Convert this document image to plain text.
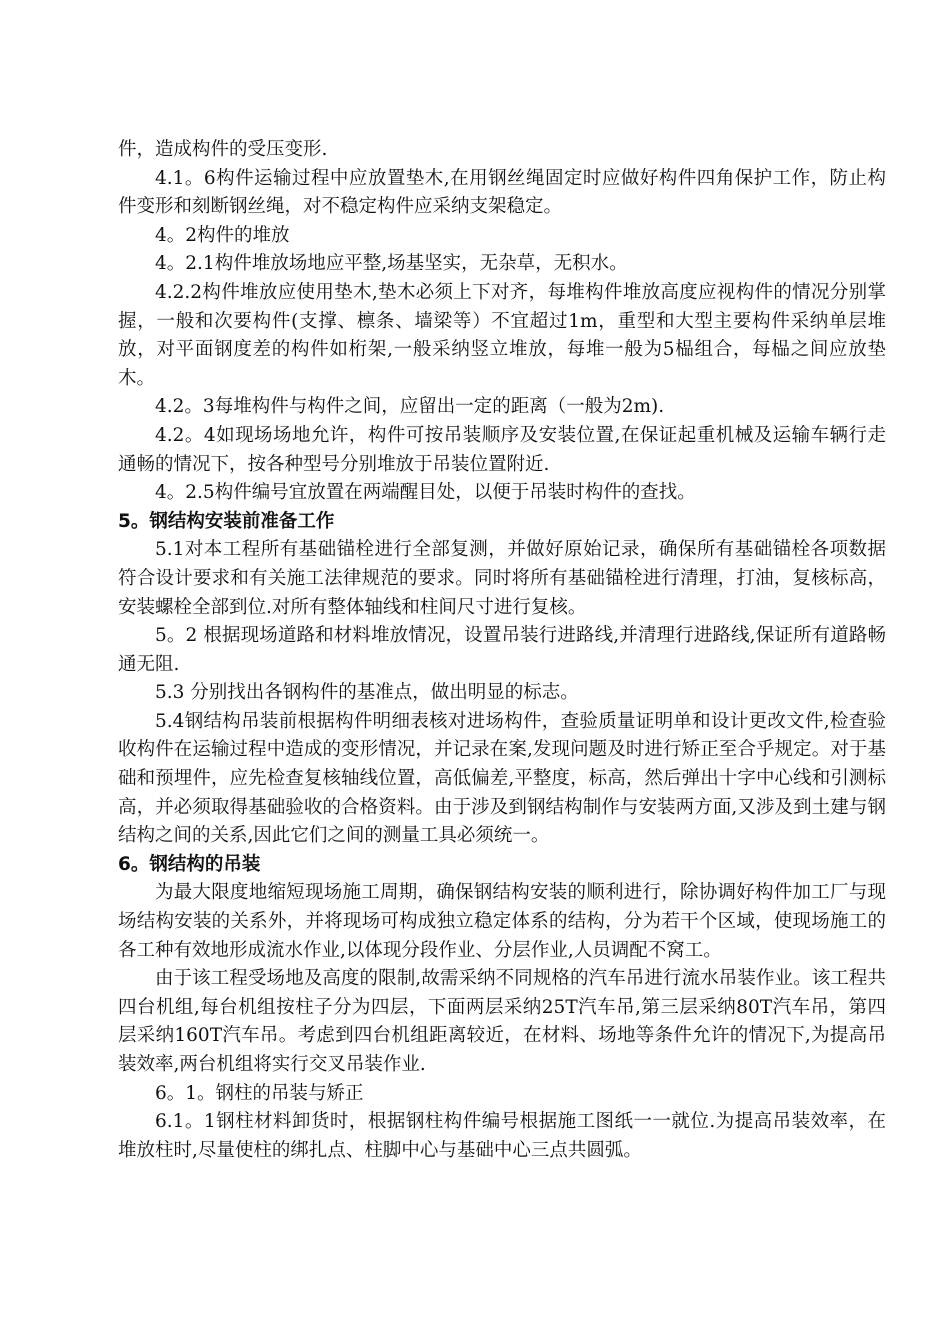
件，造成构件的受压变形.

4.1。6构件运输过程中应放置垫木,在用钢丝绳固定时应做好构件四角保护工作，防止构件变形和刻断钢丝绳，对不稳定构件应采纳支架稳定。

4。2构件的堆放

4。2.1构件堆放场地应平整,场基坚实，无杂草，无积水。

4.2.2构件堆放应使用垫木,垫木必须上下对齐，每堆构件堆放高度应视构件的情况分别掌握，一般和次要构件(支撑、檩条、墙梁等）不宜超过1m，重型和大型主要构件采纳单层堆放，对平面钢度差的构件如桁架,一般采纳竖立堆放，每堆一般为5榀组合，每榀之间应放垫木。

4.2。3每堆构件与构件之间，应留出一定的距离（一般为2m).

4.2。4如现场场地允许，构件可按吊装顺序及安装位置,在保证起重机械及运输车辆行走通畅的情况下，按各种型号分别堆放于吊装位置附近.

4。2.5构件编号宜放置在两端醒目处，以便于吊装时构件的查找。

5。钢结构安装前准备工作

5.1对本工程所有基础锚栓进行全部复测，并做好原始记录，确保所有基础锚栓各项数据符合设计要求和有关施工法律规范的要求。同时将所有基础锚栓进行清理，打油，复核标高，安装螺栓全部到位.对所有整体轴线和柱间尺寸进行复核。

5。2 根据现场道路和材料堆放情况，设置吊装行进路线,并清理行进路线,保证所有道路畅通无阻.

5.3 分别找出各钢构件的基准点，做出明显的标志。

5.4钢结构吊装前根据构件明细表核对进场构件，查验质量证明单和设计更改文件,检查验收构件在运输过程中造成的变形情况，并记录在案,发现问题及时进行矫正至合乎规定。对于基础和预埋件，应先检查复核轴线位置，高低偏差,平整度，标高，然后弹出十字中心线和引测标高，并必须取得基础验收的合格资料。由于涉及到钢结构制作与安装两方面,又涉及到土建与钢结构之间的关系,因此它们之间的测量工具必须统一。

6。钢结构的吊装

为最大限度地缩短现场施工周期，确保钢结构安装的顺利进行，除协调好构件加工厂与现场结构安装的关系外，并将现场可构成独立稳定体系的结构，分为若干个区域，使现场施工的各工种有效地形成流水作业,以体现分段作业、分层作业,人员调配不窝工。

由于该工程受场地及高度的限制,故需采纳不同规格的汽车吊进行流水吊装作业。该工程共四台机组,每台机组按柱子分为四层，下面两层采纳25T汽车吊,第三层采纳80T汽车吊，第四层采纳160T汽车吊。考虑到四台机组距离较近，在材料、场地等条件允许的情况下,为提高吊装效率,两台机组将实行交叉吊装作业.

6。1。钢柱的吊装与矫正

6.1。1钢柱材料卸货时，根据钢柱构件编号根据施工图纸一一就位.为提高吊装效率，在堆放柱时,尽量使柱的绑扎点、柱脚中心与基础中心三点共圆弧。
